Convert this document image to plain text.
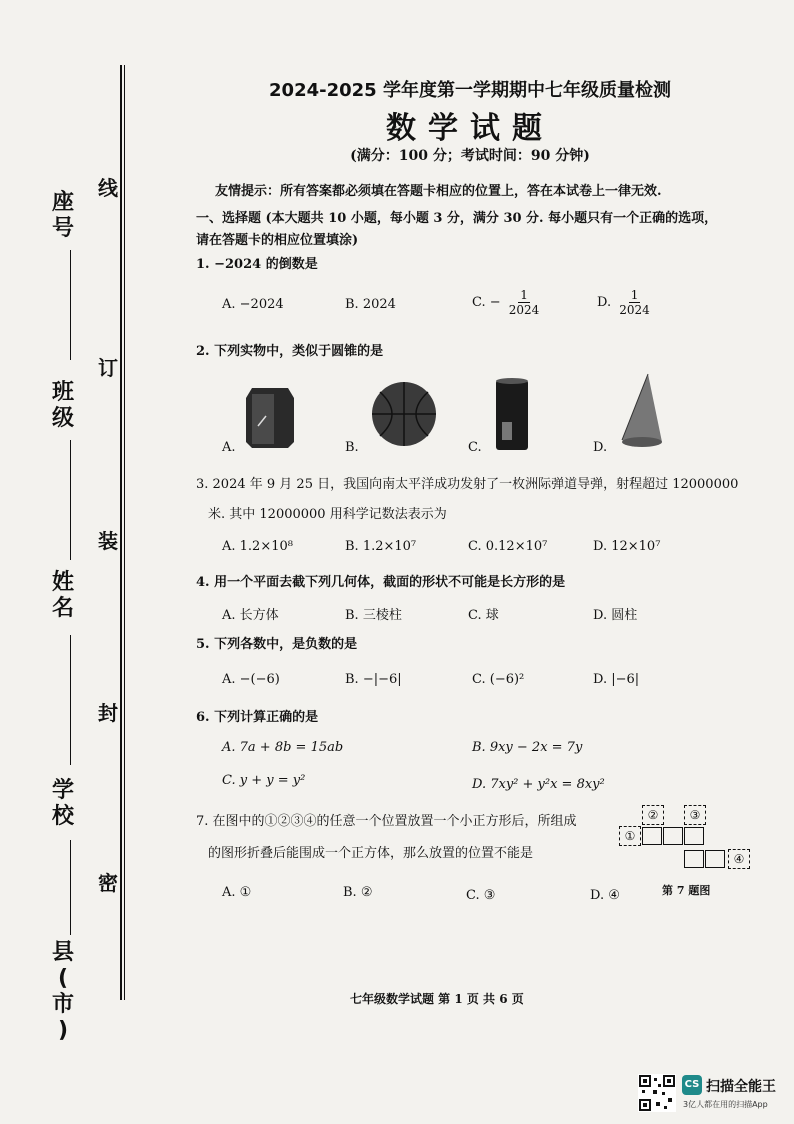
座
号
班
级
姓
名
学
校
县
(
市
)
线
订
装
封
密
2024-2025 学年度第一学期期中七年级质量检测
数学试题
(满分：100 分；考试时间：90 分钟)
友情提示：所有答案都必须填在答题卡相应的位置上，答在本试卷上一律无效.
一、选择题 (本大题共 10 小题，每小题 3 分，满分 30 分. 每小题只有一个正确的选项，
请在答题卡的相应位置填涂)
1. −2024 的倒数是
A. −2024	B. 2024	C. − $\frac{1}{2024}$	D. $\frac{1}{2024}$
2. 下列实物中，类似于圆锥的是
A.	B.	C.	D.
3. 2024 年 9 月 25 日，我国向南太平洋成功发射了一枚洲际弹道导弹，射程超过 12000000
米. 其中 12000000 用科学记数法表示为
A. 1.2×10⁸	B. 1.2×10⁷	C. 0.12×10⁷	D. 12×10⁷
4. 用一个平面去截下列几何体，截面的形状不可能是长方形的是
A. 长方体	B. 三棱柱	C. 球	D. 圆柱
5. 下列各数中，是负数的是
A. −(−6)	B. −|−6|	C. (−6)²	D. |−6|
6. 下列计算正确的是
A. 7a + 8b = 15ab	B. 9xy − 2x = 7y
C. y + y = y²	D. 7xy² + y²x = 8xy²
7. 在图中的①②③④的任意一个位置放置一个小正方形后，所组成
的图形折叠后能围成一个正方体，那么放置的位置不能是
A. ①	B. ②	C. ③	D. ④
②	③
①
④
第 7 题图
七年级数学试题 第 1 页 共 6 页
CS 扫描全能王
3亿人都在用的扫描App
